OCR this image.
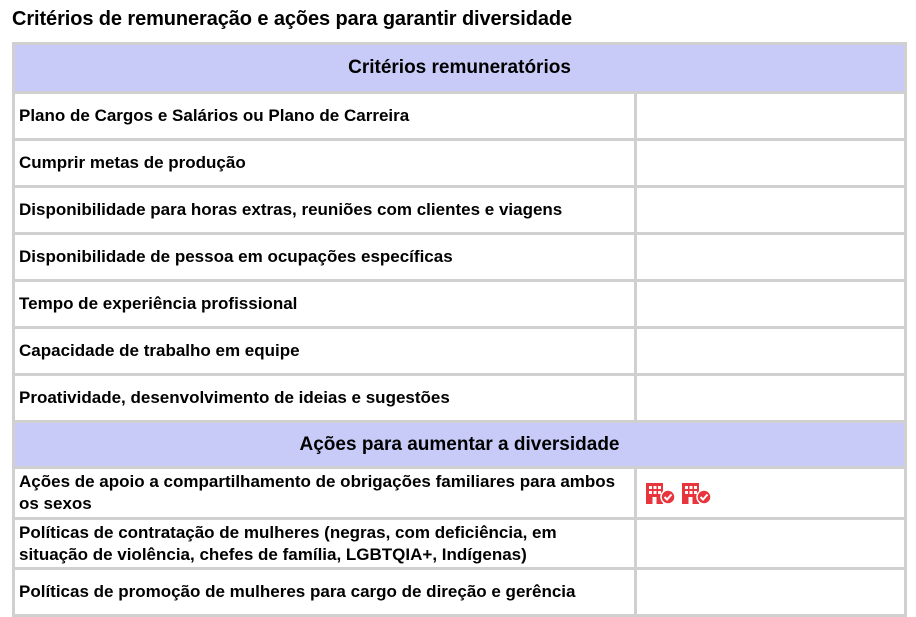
Critérios de remuneração e ações para garantir diversidade
Critérios remuneratórios	
Plano de Cargos e Salários ou Plano de Carreira	
Cumprir metas de produção	
Disponibilidade para horas extras, reuniões com clientes e viagens	
Disponibilidade de pessoa em ocupações específicas	
Tempo de experiência profissional	
Capacidade de trabalho em equipe	
Proatividade, desenvolvimento de ideias e sugestões	
Ações para aumentar a diversidade	
Ações de apoio a compartilhamento de obrigações familiares para ambos os sexos	

Políticas de contratação de mulheres (negras, com deficiência, em situação de violência, chefes de família, LGBTQIA+, Indígenas)	
Políticas de promoção de mulheres para cargo de direção e gerência	
